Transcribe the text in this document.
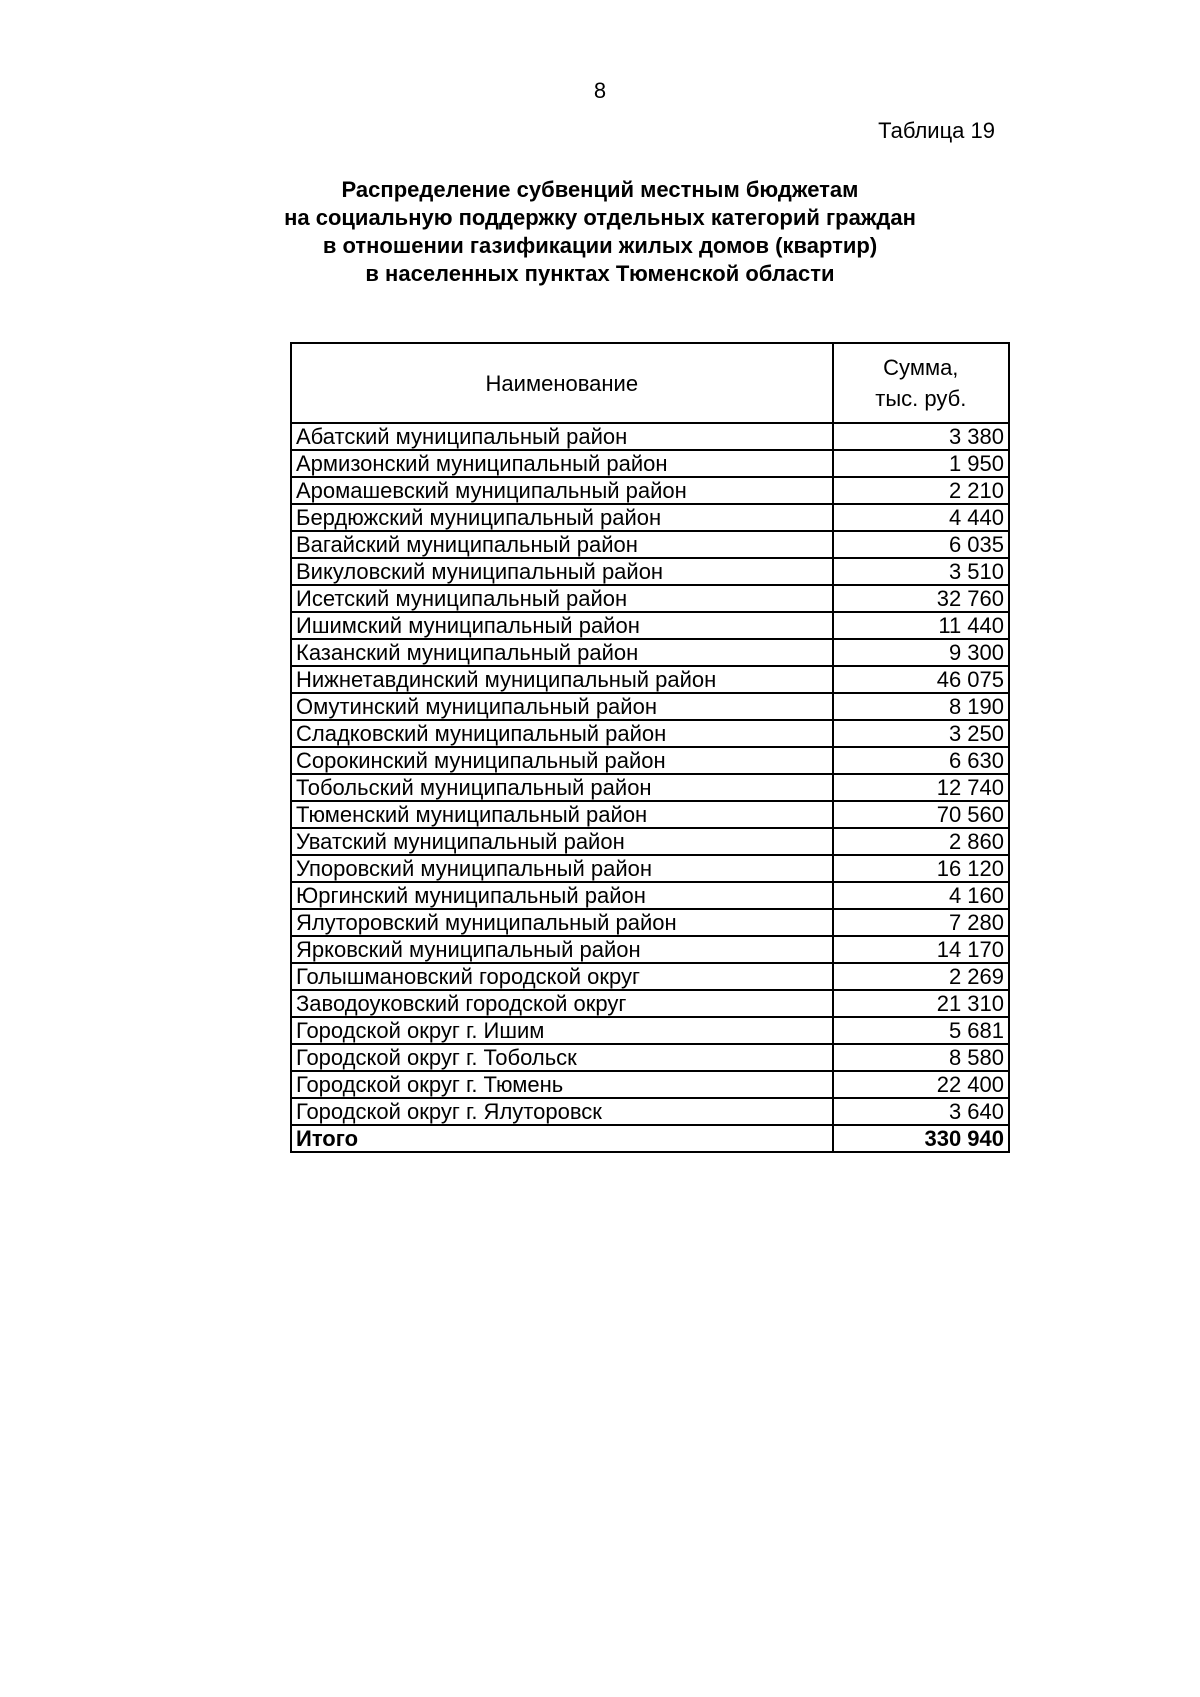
8
Таблица 19
Распределение субвенций местным бюджетам
на социальную поддержку отдельных категорий граждан
в отношении газификации жилых домов (квартир)
в населенных пунктах Тюменской области
Наименование	Сумма,
тыс. руб.

Абатский муниципальный район	3 380
Армизонский муниципальный район	1 950
Аромашевский муниципальный район	2 210
Бердюжский муниципальный район	4 440
Вагайский муниципальный район	6 035
Викуловский муниципальный район	3 510
Исетский муниципальный район	32 760
Ишимский муниципальный район	11 440
Казанский муниципальный район	9 300
Нижнетавдинский муниципальный район	46 075
Омутинский муниципальный район	8 190
Сладковский муниципальный район	3 250
Сорокинский муниципальный район	6 630
Тобольский муниципальный район	12 740
Тюменский муниципальный район	70 560
Уватский муниципальный район	2 860
Упоровский муниципальный район	16 120
Юргинский муниципальный район	4 160
Ялуторовский муниципальный район	7 280
Ярковский муниципальный район	14 170
Голышмановский городской округ	2 269
Заводоуковский городской округ	21 310
Городской округ г. Ишим	5 681
Городской округ г. Тобольск	8 580
Городской округ г. Тюмень	22 400
Городской округ г. Ялуторовск	3 640
Итого	330 940
